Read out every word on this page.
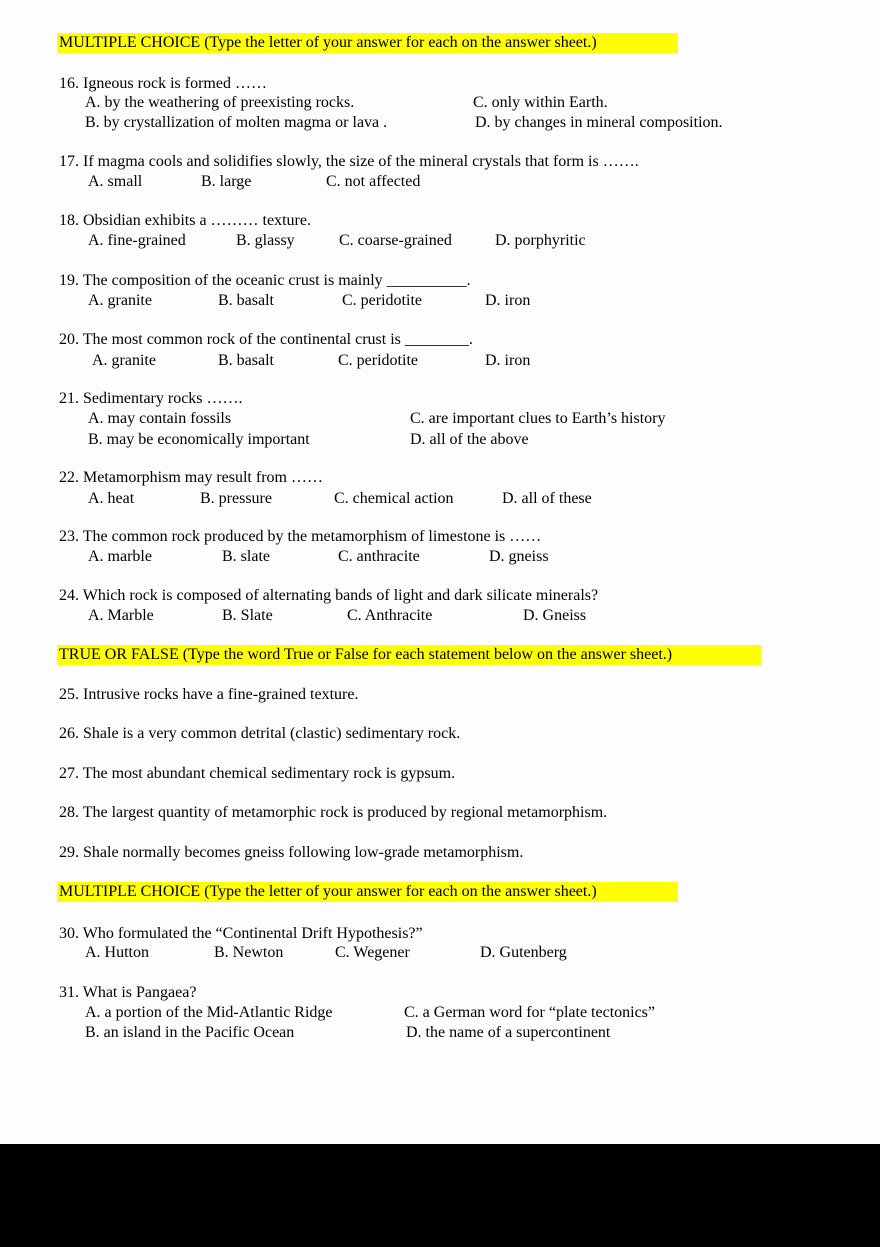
MULTIPLE CHOICE (Type the letter of your answer for each on the answer sheet.)
16. Igneous rock is formed ……
A. by the weathering of preexisting rocks.
B. by crystallization of molten magma or lava .
C. only within Earth.
D. by changes in mineral composition.
17. If magma cools and solidifies slowly, the size of the mineral crystals that form is …….
A. small	B. large	C. not affected
18. Obsidian exhibits a ……… texture.
A. fine-grained	B. glassy	C. coarse-grained	D. porphyritic
19. The composition of the oceanic crust is mainly __________.
A. granite	B. basalt	C. peridotite	D. iron
20. The most common rock of the continental crust is ________.
A. granite	B. basalt	C. peridotite	D. iron
21. Sedimentary rocks …….
A. may contain fossils
B. may be economically important
C. are important clues to Earth’s history
D. all of the above
22. Metamorphism may result from ……
A. heat	B. pressure	C. chemical action	D. all of these
23. The common rock produced by the metamorphism of limestone is ……
A. marble	B. slate	C. anthracite	D. gneiss
24. Which rock is composed of alternating bands of light and dark silicate minerals?
A. Marble	B. Slate	C. Anthracite	D. Gneiss
TRUE OR FALSE (Type the word True or False for each statement below on the answer sheet.)
25. Intrusive rocks have a fine-grained texture.
26. Shale is a very common detrital (clastic) sedimentary rock.
27. The most abundant chemical sedimentary rock is gypsum.
28. The largest quantity of metamorphic rock is produced by regional metamorphism.
29. Shale normally becomes gneiss following low-grade metamorphism.
MULTIPLE CHOICE (Type the letter of your answer for each on the answer sheet.)
30. Who formulated the “Continental Drift Hypothesis?”
A. Hutton	B. Newton	C. Wegener	D. Gutenberg
31. What is Pangaea?
A. a portion of the Mid-Atlantic Ridge
B. an island in the Pacific Ocean
C. a German word for “plate tectonics”
D. the name of a supercontinent
